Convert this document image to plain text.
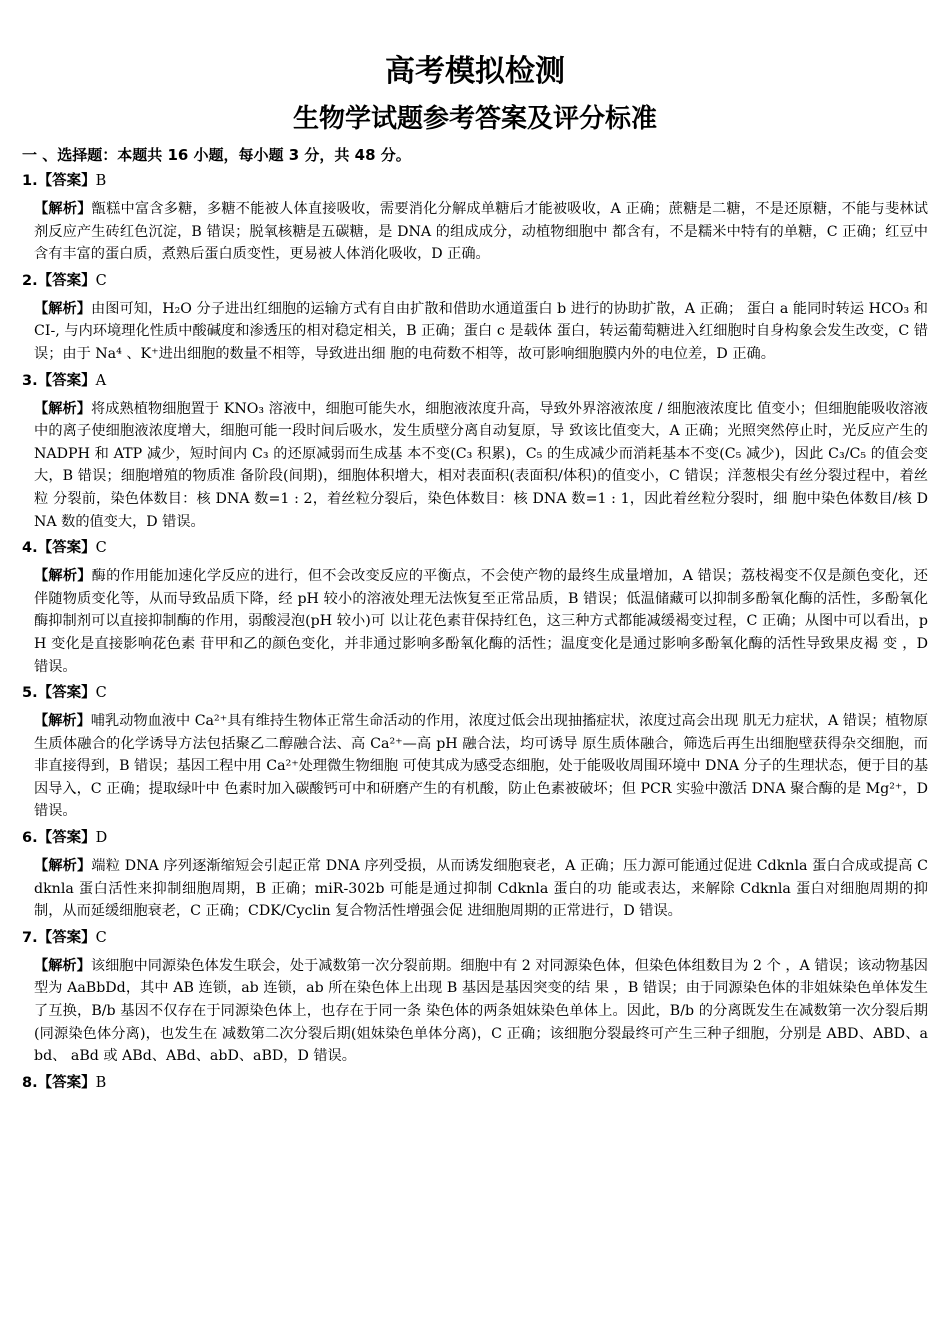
高考模拟检测
生物学试题参考答案及评分标准
一 、选择题：本题共 16 小题，每小题 3 分，共 48 分。
1.【答案】B
【解析】甑糕中富含多糖，多糖不能被人体直接吸收，需要消化分解成单糖后才能被吸收，A 正确；蔗糖是二糖，不是还原糖，不能与斐林试剂反应产生砖红色沉淀，B 错误；脱氧核糖是五碳糖，是 DNA 的组成成分，动植物细胞中 都含有，不是糯米中特有的单糖，C 正确；红豆中含有丰富的蛋白质，煮熟后蛋白质变性，更易被人体消化吸收，D 正确。
2.【答案】C
【解析】由图可知，H₂O 分子进出红细胞的运输方式有自由扩散和借助水通道蛋白 b 进行的协助扩散，A 正确； 蛋白 a 能同时转运 HCO₃ 和 CI-, 与内环境理化性质中酸碱度和渗透压的相对稳定相关，B 正确；蛋白 c 是载体 蛋白，转运葡萄糖进入红细胞时自身构象会发生改变，C 错误；由于 Na⁴ 、K⁺进出细胞的数量不相等，导致进出细 胞的电荷数不相等，故可影响细胞膜内外的电位差，D 正确。
3.【答案】A
【解析】将成熟植物细胞置于 KNO₃ 溶液中，细胞可能失水，细胞液浓度升高，导致外界溶液浓度 / 细胞液浓度比 值变小；但细胞能吸收溶液中的离子使细胞液浓度增大，细胞可能一段时间后吸水，发生质壁分离自动复原，导 致该比值变大，A 正确；光照突然停止时，光反应产生的 NADPH 和 ATP 减少，短时间内 C₃ 的还原减弱而生成基 本不变(C₃ 积累)，C₅ 的生成减少而消耗基本不变(C₅ 减少)，因此 C₃/C₅ 的值会变大，B 错误；细胞增殖的物质准 备阶段(间期)，细胞体积增大，相对表面积(表面积/体积)的值变小，C 错误；洋葱根尖有丝分裂过程中，着丝粒 分裂前，染色体数目：核 DNA 数=1 : 2，着丝粒分裂后，染色体数目：核 DNA 数=1 : 1，因此着丝粒分裂时，细 胞中染色体数目/核 DNA 数的值变大，D 错误。
4.【答案】C
【解析】酶的作用能加速化学反应的进行，但不会改变反应的平衡点，不会使产物的最终生成量增加，A 错误；荔枝褐变不仅是颜色变化，还伴随物质变化等，从而导致品质下降，经 pH 较小的溶液处理无法恢复至正常品质，B 错误；低温储藏可以抑制多酚氧化酶的活性，多酚氧化酶抑制剂可以直接抑制酶的作用，弱酸浸泡(pH 较小)可 以让花色素苷保持红色，这三种方式都能减缓褐变过程，C 正确；从图中可以看出，pH 变化是直接影响花色素 苷甲和乙的颜色变化，并非通过影响多酚氧化酶的活性；温度变化是通过影响多酚氧化酶的活性导致果皮褐 变 ，D 错误。
5.【答案】C
【解析】哺乳动物血液中 Ca²⁺具有维持生物体正常生命活动的作用，浓度过低会出现抽搐症状，浓度过高会出现 肌无力症状，A 错误；植物原生质体融合的化学诱导方法包括聚乙二醇融合法、高 Ca²⁺—高 pH 融合法，均可诱导 原生质体融合，筛选后再生出细胞壁获得杂交细胞，而非直接得到，B 错误；基因工程中用 Ca²⁺处理微生物细胞 可使其成为感受态细胞，处于能吸收周围环境中 DNA 分子的生理状态，便于目的基因导入，C 正确；提取绿叶中 色素时加入碳酸钙可中和研磨产生的有机酸，防止色素被破坏；但 PCR 实验中激活 DNA 聚合酶的是 Mg²⁺，D 错误。
6.【答案】D
【解析】端粒 DNA 序列逐渐缩短会引起正常 DNA 序列受损，从而诱发细胞衰老，A 正确；压力源可能通过促进 Cdknla 蛋白合成或提高 Cdknla 蛋白活性来抑制细胞周期，B 正确；miR-302b 可能是通过抑制 Cdknla 蛋白的功 能或表达，来解除 Cdknla 蛋白对细胞周期的抑制，从而延缓细胞衰老，C 正确；CDK/Cyclin 复合物活性增强会促 进细胞周期的正常进行，D 错误。
7.【答案】C
【解析】该细胞中同源染色体发生联会，处于减数第一次分裂前期。细胞中有 2 对同源染色体，但染色体组数目为 2 个 ，A 错误；该动物基因型为 AaBbDd，其中 AB 连锁，ab 连锁，ab 所在染色体上出现 B 基因是基因突变的结 果 ，B 错误；由于同源染色体的非姐妹染色单体发生了互换，B/b 基因不仅存在于同源染色体上，也存在于同一条 染色体的两条姐妹染色单体上。因此，B/b 的分离既发生在减数第一次分裂后期(同源染色体分离)，也发生在 减数第二次分裂后期(姐妹染色单体分离)，C 正确；该细胞分裂最终可产生三种子细胞，分别是 ABD、ABD、abd、 aBd 或 ABd、ABd、abD、aBD，D 错误。
8.【答案】B
